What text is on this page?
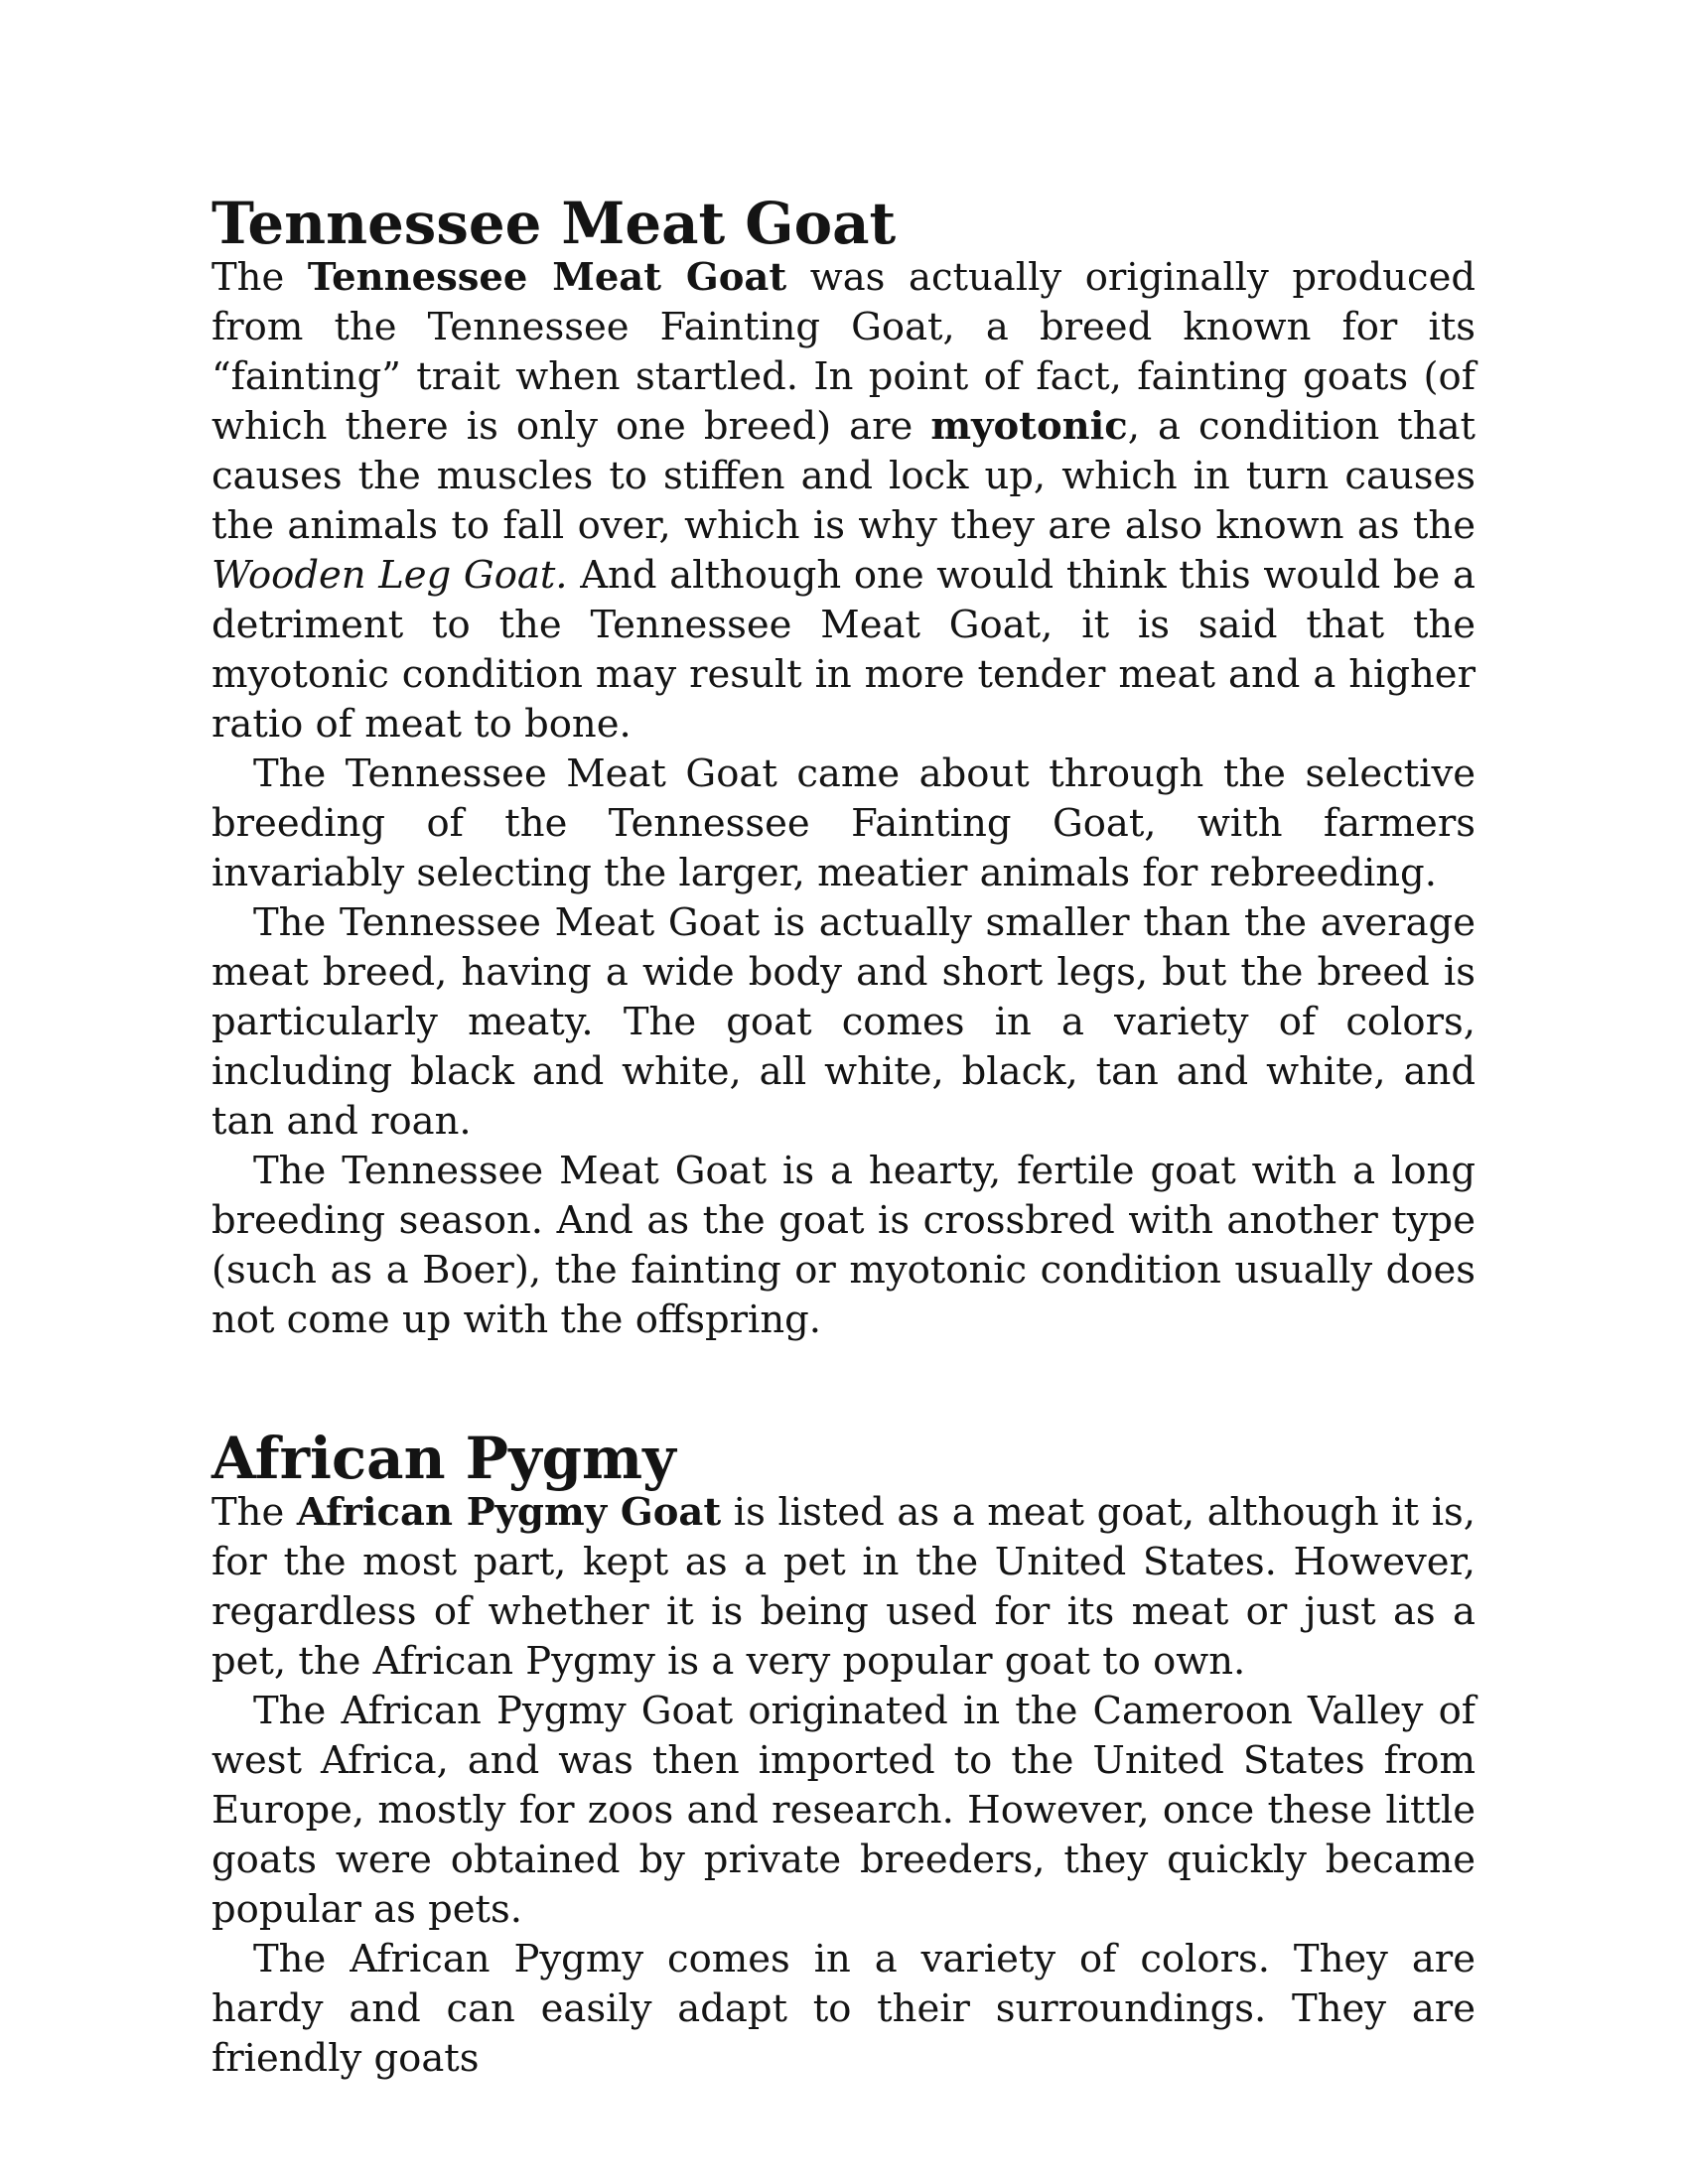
Tennessee Meat Goat

The Tennessee Meat Goat was actually originally produced from the Tennessee Fainting Goat, a breed known for its “fainting” trait when startled. In point of fact, fainting goats (of which there is only one breed) are myotonic, a condition that causes the muscles to stiffen and lock up, which in turn causes the animals to fall over, which is why they are also known as the Wooden Leg Goat. And although one would think this would be a detriment to the Tennessee Meat Goat, it is said that the myotonic condition may result in more tender meat and a higher ratio of meat to bone.

The Tennessee Meat Goat came about through the selective breeding of the Tennessee Fainting Goat, with farmers invariably selecting the larger, meatier animals for rebreeding.

The Tennessee Meat Goat is actually smaller than the average meat breed, having a wide body and short legs, but the breed is particularly meaty. The goat comes in a variety of colors, including black and white, all white, black, tan and white, and tan and roan.

The Tennessee Meat Goat is a hearty, fertile goat with a long breeding season. And as the goat is crossbred with another type (such as a Boer), the fainting or myotonic condition usually does not come up with the offspring.

African Pygmy

The African Pygmy Goat is listed as a meat goat, although it is, for the most part, kept as a pet in the United States. However, regardless of whether it is being used for its meat or just as a pet, the African Pygmy is a very popular goat to own.

The African Pygmy Goat originated in the Cameroon Valley of west Africa, and was then imported to the United States from Europe, mostly for zoos and research. However, once these little goats were obtained by private breeders, they quickly became popular as pets.

The African Pygmy comes in a variety of colors. They are hardy and can easily adapt to their surroundings. They are friendly goats
